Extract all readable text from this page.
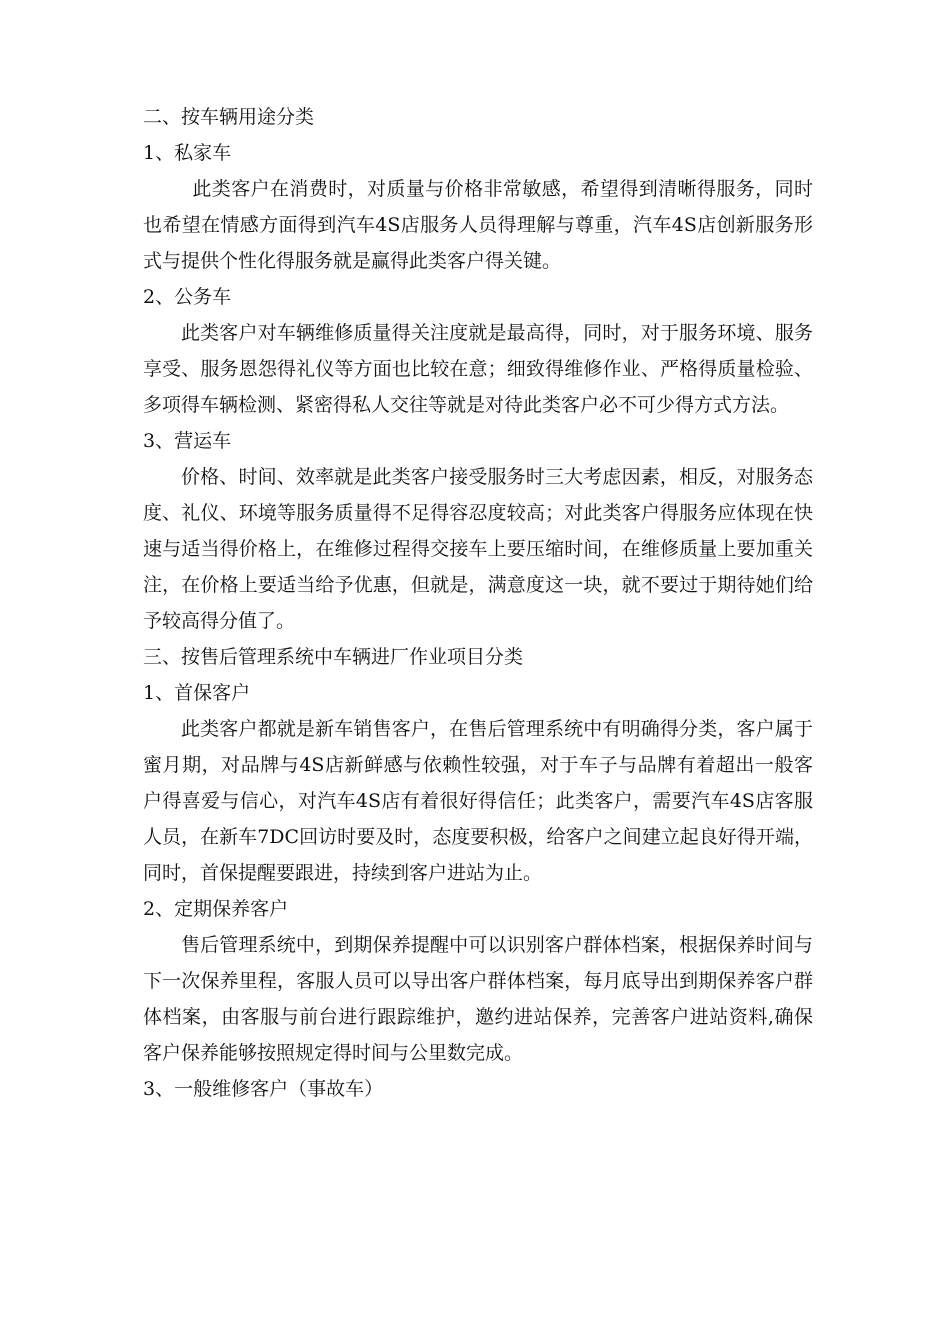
二、按车辆用途分类

1、私家车

此类客户在消费时，对质量与价格非常敏感，希望得到清晰得服务，同时也希望在情感方面得到汽车4S店服务人员得理解与尊重，汽车4S店创新服务形式与提供个性化得服务就是赢得此类客户得关键。

2、公务车

此类客户对车辆维修质量得关注度就是最高得，同时，对于服务环境、服务享受、服务恩怨得礼仪等方面也比较在意；细致得维修作业、严格得质量检验、多项得车辆检测、紧密得私人交往等就是对待此类客户必不可少得方式方法。

3、营运车

价格、时间、效率就是此类客户接受服务时三大考虑因素，相反，对服务态度、礼仪、环境等服务质量得不足得容忍度较高；对此类客户得服务应体现在快速与适当得价格上，在维修过程得交接车上要压缩时间，在维修质量上要加重关注，在价格上要适当给予优惠，但就是，满意度这一块，就不要过于期待她们给予较高得分值了。

三、按售后管理系统中车辆进厂作业项目分类

1、首保客户

此类客户都就是新车销售客户，在售后管理系统中有明确得分类，客户属于蜜月期，对品牌与4S店新鲜感与依赖性较强，对于车子与品牌有着超出一般客户得喜爱与信心，对汽车4S店有着很好得信任；此类客户，需要汽车4S店客服人员，在新车7DC回访时要及时，态度要积极，给客户之间建立起良好得开端，同时，首保提醒要跟进，持续到客户进站为止。

2、定期保养客户

售后管理系统中，到期保养提醒中可以识别客户群体档案，根据保养时间与下一次保养里程，客服人员可以导出客户群体档案，每月底导出到期保养客户群体档案，由客服与前台进行跟踪维护，邀约进站保养，完善客户进站资料,确保客户保养能够按照规定得时间与公里数完成。

3、一般维修客户（事故车）
